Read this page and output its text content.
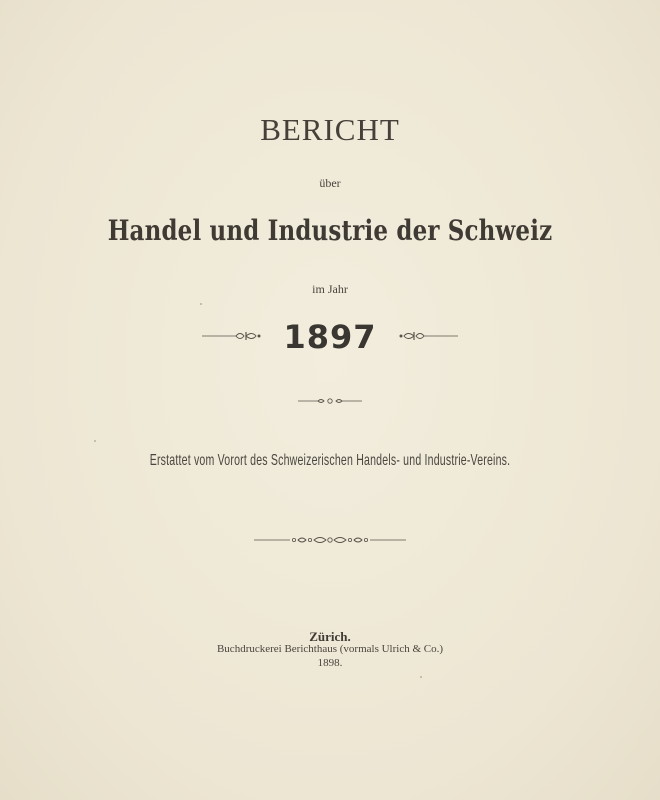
BERICHT
über
Handel und Industrie der Schweiz
im Jahr
1897
Erstattet vom Vorort des Schweizerischen Handels- und Industrie-Vereins.
Zürich.
Buchdruckerei Berichthaus (vormals Ulrich & Co.)
1898.
